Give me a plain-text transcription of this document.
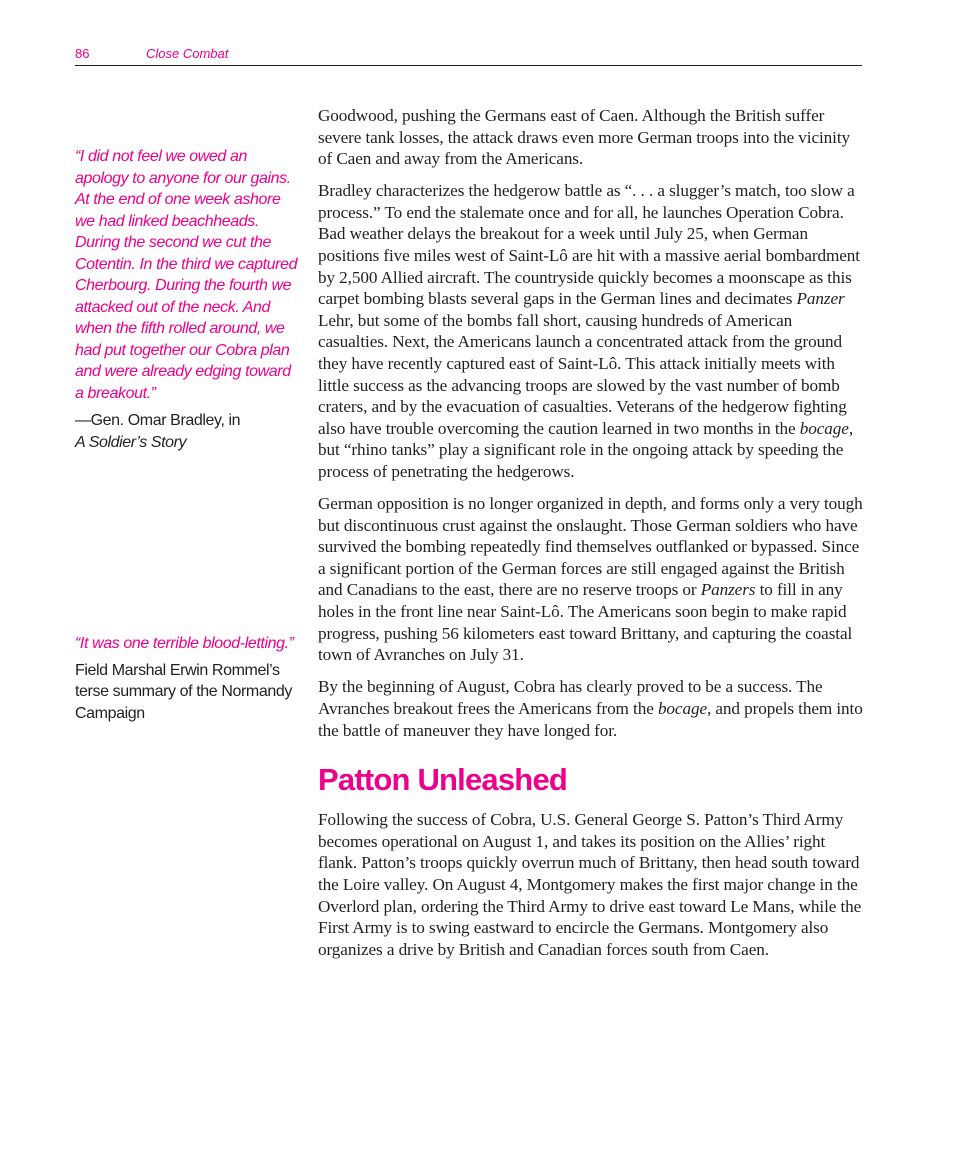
86	Close Combat

“I did not feel we owed an apology to anyone for our gains. At the end of one week ashore we had linked beachheads. During the second we cut the Cotentin. In the third we captured Cherbourg. During the fourth we attacked out of the neck. And when the fifth rolled around, we had put together our Cobra plan and were already edging toward a breakout.”

—Gen. Omar Bradley, in
A Soldier’s Story

“It was one terrible blood-letting.”

Field Marshal Erwin Rommel’s terse summary of the Normandy Campaign

Goodwood, pushing the Germans east of Caen. Although the British suffer severe tank losses, the attack draws even more German troops into the vicinity of Caen and away from the Americans.

Bradley characterizes the hedgerow battle as “. . . a slugger’s match, too slow a process.” To end the stalemate once and for all, he launches Operation Cobra. Bad weather delays the breakout for a week until July 25, when German positions five miles west of Saint-Lô are hit with a massive aerial bombardment by 2,500 Allied aircraft. The countryside quickly becomes a moonscape as this carpet bombing blasts several gaps in the German lines and decimates Panzer Lehr, but some of the bombs fall short, causing hundreds of American casualties. Next, the Americans launch a concentrated attack from the ground they have recently captured east of Saint-Lô. This attack initially meets with little success as the advancing troops are slowed by the vast number of bomb craters, and by the evacuation of casualties. Veterans of the hedgerow fighting also have trouble overcoming the caution learned in two months in the bocage, but “rhino tanks” play a significant role in the ongoing attack by speeding the process of penetrating the hedgerows.

German opposition is no longer organized in depth, and forms only a very tough but discontinuous crust against the onslaught. Those German soldiers who have survived the bombing repeatedly find themselves outflanked or bypassed. Since a significant portion of the German forces are still engaged against the British and Canadians to the east, there are no reserve troops or Panzers to fill in any holes in the front line near Saint-Lô. The Americans soon begin to make rapid progress, pushing 56 kilometers east toward Brittany, and capturing the coastal town of Avranches on July 31.

By the beginning of August, Cobra has clearly proved to be a success. The Avranches breakout frees the Americans from the bocage, and propels them into the battle of maneuver they have longed for.

Patton Unleashed

Following the success of Cobra, U.S. General George S. Patton’s Third Army becomes operational on August 1, and takes its position on the Allies’ right flank. Patton’s troops quickly overrun much of Brittany, then head south toward the Loire valley. On August 4, Montgomery makes the first major change in the Overlord plan, ordering the Third Army to drive east toward Le Mans, while the First Army is to swing eastward to encircle the Germans. Montgomery also organizes a drive by British and Canadian forces south from Caen.
